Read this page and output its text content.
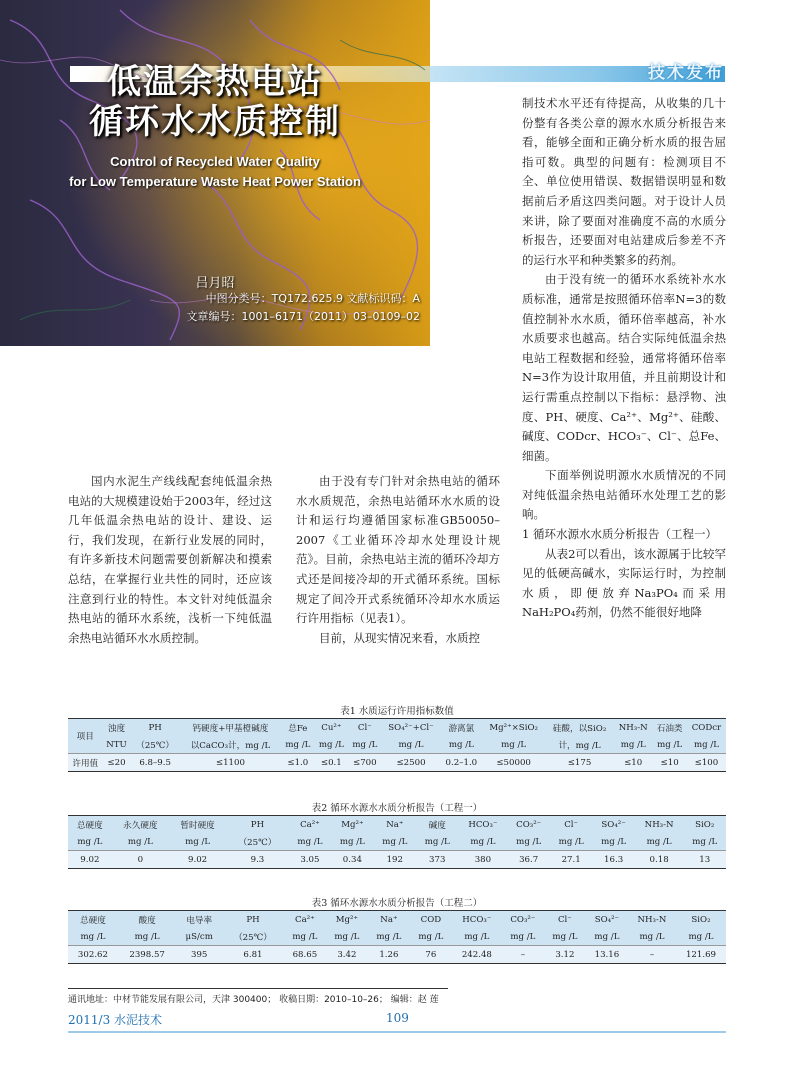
技术发布
低温余热电站
循环水水质控制
Control of Recycled Water Quality
for Low Temperature Waste Heat Power Station
吕月昭
中图分类号：TQ172.625.9 文献标识码：A
文章编号：1001–6171（2011）03–0109–02

制技术水平还有待提高，从收集的几十份整有各类公章的源水水质分析报告来看，能够全面和正确分析水质的报告屈指可数。典型的问题有：检测项目不全、单位使用错误、数据错误明显和数据前后矛盾这四类问题。对于设计人员来讲，除了要面对准确度不高的水质分析报告，还要面对电站建成后参差不齐的运行水平和种类繁多的药剂。

由于没有统一的循环水系统补水水质标准，通常是按照循环倍率N=3的数值控制补水水质，循环倍率越高，补水水质要求也越高。结合实际纯低温余热电站工程数据和经验，通常将循环倍率N=3作为设计取用值，并且前期设计和运行需重点控制以下指标：悬浮物、浊度、PH、硬度、Ca²⁺、Mg²⁺、硅酸、碱度、CODcr、HCO₃⁻、Cl⁻、总Fe、细菌。

下面举例说明源水水质情况的不同对纯低温余热电站循环水处理工艺的影响。

1 循环水源水水质分析报告（工程一）

从表2可以看出，该水源属于比较罕见的低硬高碱水，实际运行时，为控制水质，即便放弃Na₃PO₄而采用NaH₂PO₄药剂，仍然不能很好地降

国内水泥生产线线配套纯低温余热电站的大规模建设始于2003年，经过这几年低温余热电站的设计、建设、运行，我们发现，在新行业发展的同时，有许多新技术问题需要创新解决和摸索总结，在掌握行业共性的同时，还应该注意到行业的特性。本文针对纯低温余热电站的循环水系统，浅析一下纯低温余热电站循环水水质控制。

由于没有专门针对余热电站的循环水水质规范，余热电站循环水水质的设计和运行均遵循国家标准GB50050–2007《工业循环冷却水处理设计规范》。目前，余热电站主流的循环冷却方式还是间接冷却的开式循环系统。国标规定了间冷开式系统循环冷却水水质运行许用指标（见表1）。

目前，从现实情况来看，水质控

表1 水质运行许用指标数值
项目	浊度	PH	钙硬度+甲基橙碱度	总Fe	Cu²⁺	Cl⁻	SO₄²⁻+Cl⁻	游离氯	Mg²⁺×SiO₂	硅酸，以SiO₂	NH₃-N	石油类	CODcr
	NTU	（25℃）	以CaCO₃计，mg /L	mg /L	mg /L	mg /L	mg /L	mg /L	mg /L	计，mg /L	mg /L	mg /L	mg /L
许用值	≤20	6.8–9.5	≤1100	≤1.0	≤0.1	≤700	≤2500	0.2–1.0	≤50000	≤175	≤10	≤10	≤100
表2 循环水源水水质分析报告（工程一）
总硬度	永久硬度	暂时硬度	PH	Ca²⁺	Mg²⁺	Na⁺	碱度	HCO₃⁻	CO₃²⁻	Cl⁻	SO₄²⁻	NH₃-N	SiO₂
mg /L	mg /L	mg /L	（25℃）	mg /L	mg /L	mg /L	mg /L	mg /L	mg /L	mg /L	mg /L	mg /L	mg /L
9.02	0	9.02	9.3	3.05	0.34	192	373	380	36.7	27.1	16.3	0.18	13
表3 循环水源水水质分析报告（工程二）
总硬度	酸度	电导率	PH	Ca²⁺	Mg²⁺	Na⁺	COD	HCO₃⁻	CO₃²⁻	Cl⁻	SO₄²⁻	NH₃-N	SiO₂
mg /L	mg /L	μS/cm	（25℃）	mg /L	mg /L	mg /L	mg /L	mg /L	mg /L	mg /L	mg /L	mg /L	mg /L
302.62	2398.57	395	6.81	68.65	3.42	1.26	76	242.48	–	3.12	13.16	–	121.69
通讯地址：中材节能发展有限公司，天津 300400； 收稿日期：2010–10–26； 编辑：赵 莲
2011/3 水泥技术	109
